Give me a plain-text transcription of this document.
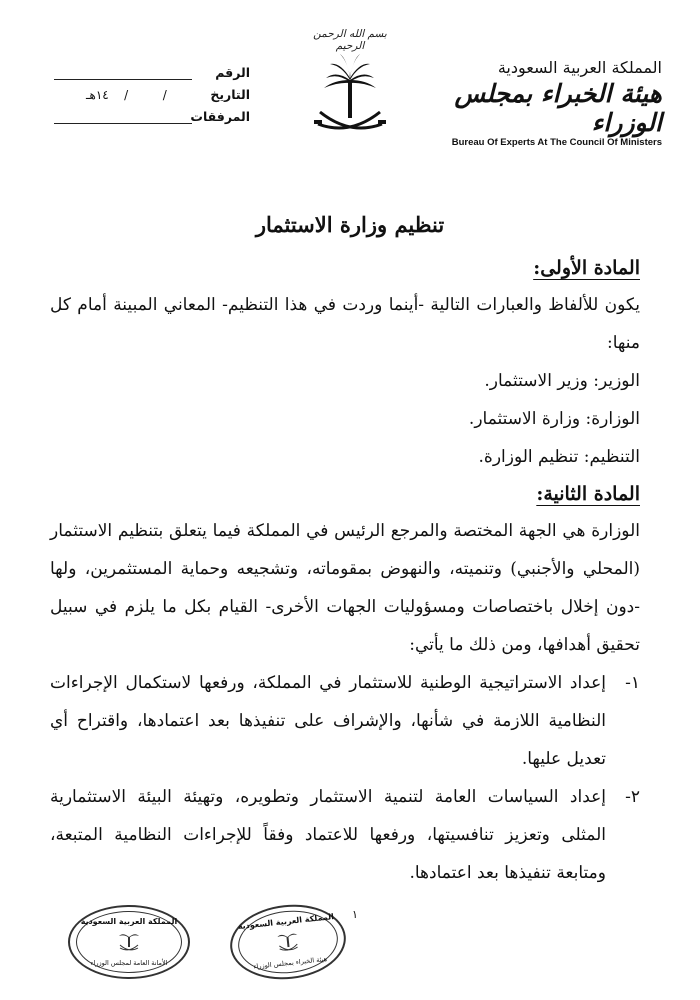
الرقم
التاريخ

/

/
١٤هـ
المرفقات
بسم الله الرحمن الرحيم
المملكة العربية السعودية
هيئة الخبراء بمجلس الوزراء
Bureau Of Experts At The Council Of Ministers
تنظيم وزارة الاستثمار

المادة الأولى:

يكون للألفاظ والعبارات التالية -أينما وردت في هذا التنظيم- المعاني المبينة أمام كل منها:

الوزير: وزير الاستثمار.

الوزارة: وزارة الاستثمار.

التنظيم: تنظيم الوزارة.

المادة الثانية:

الوزارة هي الجهة المختصة والمرجع الرئيس في المملكة فيما يتعلق بتنظيم الاستثمار (المحلي والأجنبي) وتنميته، والنهوض بمقوماته، وتشجيعه وحماية المستثمرين، ولها -دون إخلال باختصاصات ومسؤوليات الجهات الأخرى- القيام بكل ما يلزم في سبيل تحقيق أهدافها، ومن ذلك ما يأتي:

١-
إعداد الاستراتيجية الوطنية للاستثمار في المملكة، ورفعها لاستكمال الإجراءات النظامية اللازمة في شأنها، والإشراف على تنفيذها بعد اعتمادها، واقتراح أي تعديل عليها.
٢-
إعداد السياسات العامة لتنمية الاستثمار وتطويره، وتهيئة البيئة الاستثمارية المثلى وتعزيز تنافسيتها، ورفعها للاعتماد وفقاً للإجراءات النظامية المتبعة، ومتابعة تنفيذها بعد اعتمادها.
١
المملكة العربية السعودية
الأمانة العامة لمجلس الوزراء
المملكة العربية السعودية
هيئة الخبراء بمجلس الوزراء
